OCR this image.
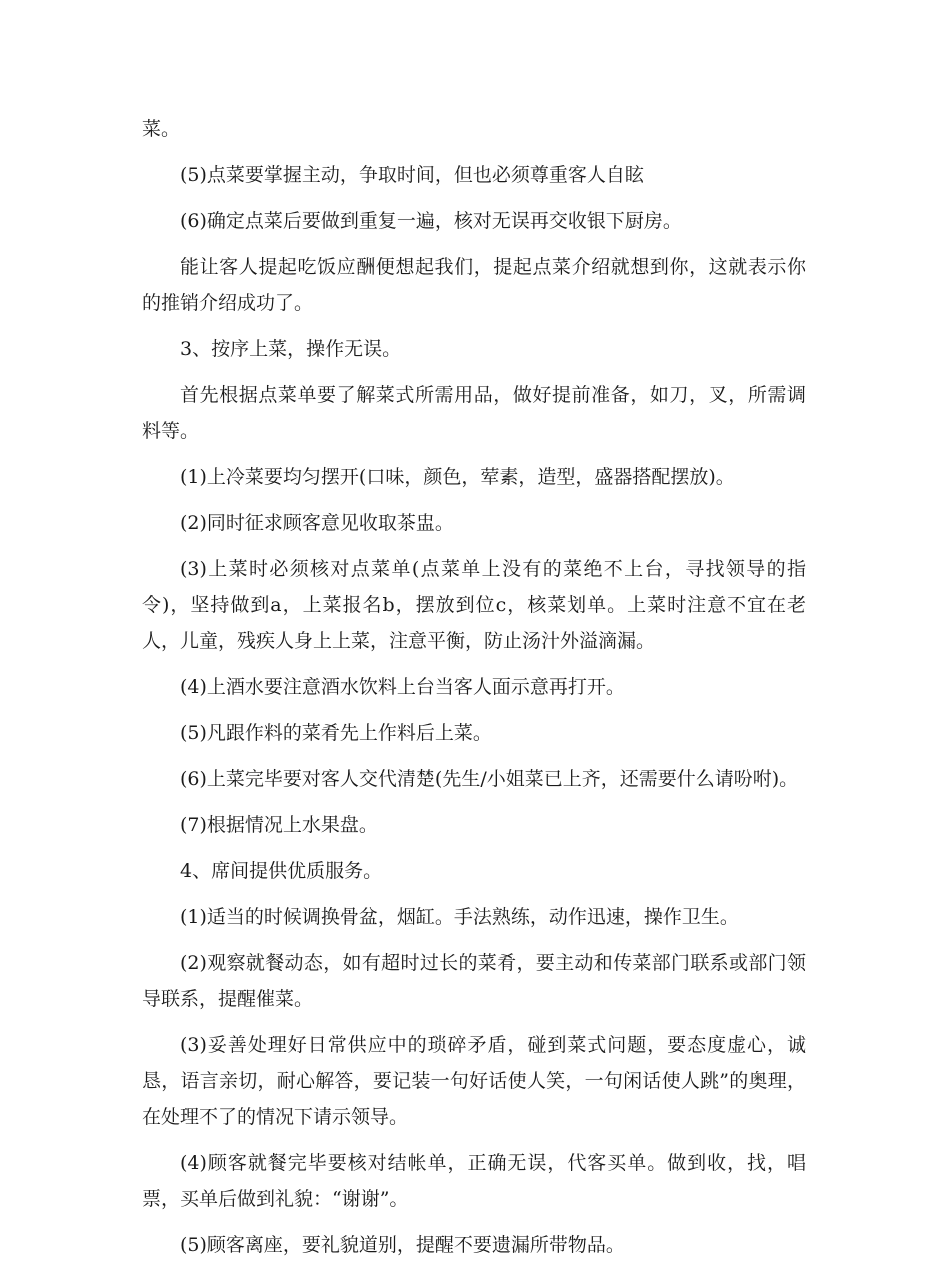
菜。

(5)点菜要掌握主动，争取时间，但也必须尊重客人自眩

(6)确定点菜后要做到重复一遍，核对无误再交收银下厨房。

能让客人提起吃饭应酬便想起我们，提起点菜介绍就想到你，这就表示你的推销介绍成功了。

3、按序上菜，操作无误。

首先根据点菜单要了解菜式所需用品，做好提前准备，如刀，叉，所需调料等。

(1)上冷菜要均匀摆开(口味，颜色，荤素，造型，盛器搭配摆放)。

(2)同时征求顾客意见收取茶盅。

(3)上菜时必须核对点菜单(点菜单上没有的菜绝不上台，寻找领导的指令)，坚持做到a，上菜报名b，摆放到位c，核菜划单。上菜时注意不宜在老人，儿童，残疾人身上上菜，注意平衡，防止汤汁外溢滴漏。

(4)上酒水要注意酒水饮料上台当客人面示意再打开。

(5)凡跟作料的菜肴先上作料后上菜。

(6)上菜完毕要对客人交代清楚(先生/小姐菜已上齐，还需要什么请吩咐)。

(7)根据情况上水果盘。

4、席间提供优质服务。

(1)适当的时候调换骨盆，烟缸。手法熟练，动作迅速，操作卫生。

(2)观察就餐动态，如有超时过长的菜肴，要主动和传菜部门联系或部门领导联系，提醒催菜。

(3)妥善处理好日常供应中的琐碎矛盾，碰到菜式问题，要态度虚心，诚恳，语言亲切，耐心解答，要记装一句好话使人笑，一句闲话使人跳”的奥理，在处理不了的情况下请示领导。

(4)顾客就餐完毕要核对结帐单，正确无误，代客买单。做到收，找，唱票，买单后做到礼貌：“谢谢”。

(5)顾客离座，要礼貌道别，提醒不要遗漏所带物品。
